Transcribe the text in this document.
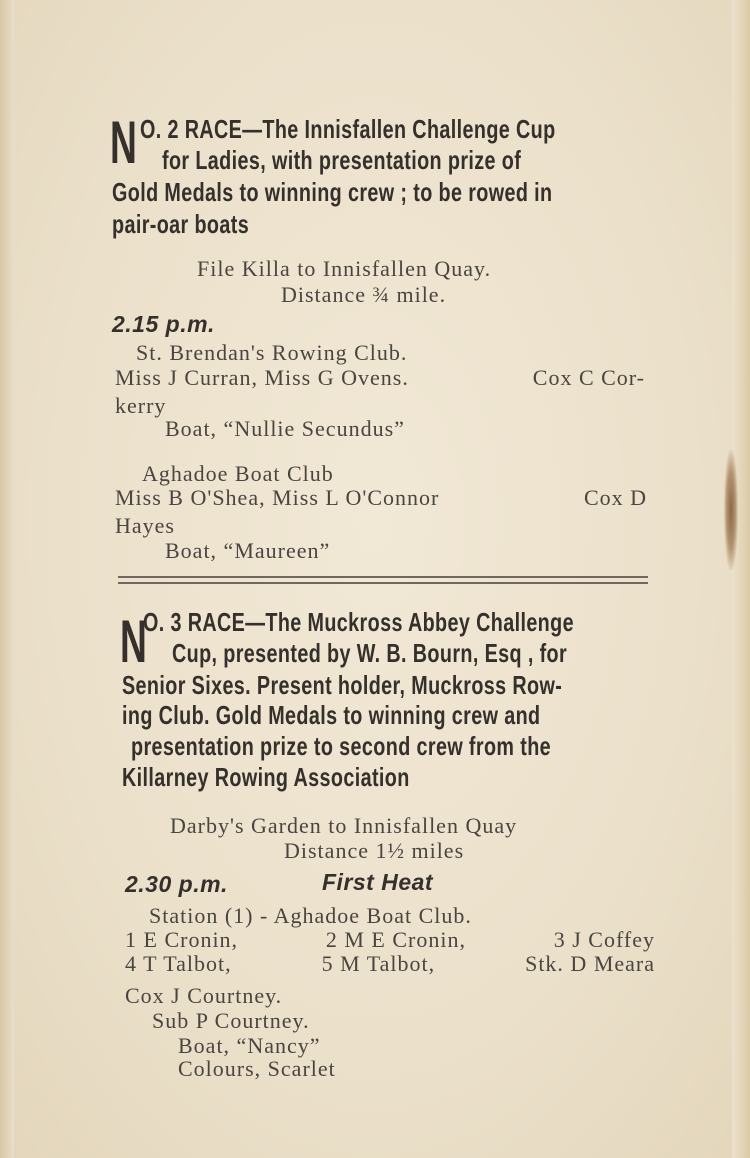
N O. 2 RACE—The Innisfallen Challenge Cup
for Ladies, with presentation prize of
Gold Medals to winning crew ; to be rowed in
pair-oar boats
File Killa to Innisfallen Quay.
Distance ¾ mile.
2.15 p.m.
St. Brendan's Rowing Club.
Miss J Curran, Miss G Ovens.	Cox C Cor-
kerry
Boat, “Nullie Secundus”
Aghadoe Boat Club
Miss B O'Shea, Miss L O'Connor	Cox D
Hayes
Boat, “Maureen”
N
O. 3 RACE—The Muckross Abbey Challenge
Cup, presented by W. B. Bourn, Esq , for
Senior Sixes. Present holder, Muckross Row-
ing Club. Gold Medals to winning crew and
presentation prize to second crew from the
Killarney Rowing Association
Darby's Garden to Innisfallen Quay
Distance 1½ miles
2.30 p.m.	First Heat
Station (1) - Aghadoe Boat Club.
1 E Cronin,	2 M E Cronin,	3 J Coffey
4 T Talbot,	5 M Talbot,	Stk. D Meara
Cox J Courtney.
Sub P Courtney.
Boat, “Nancy”
Colours, Scarlet
